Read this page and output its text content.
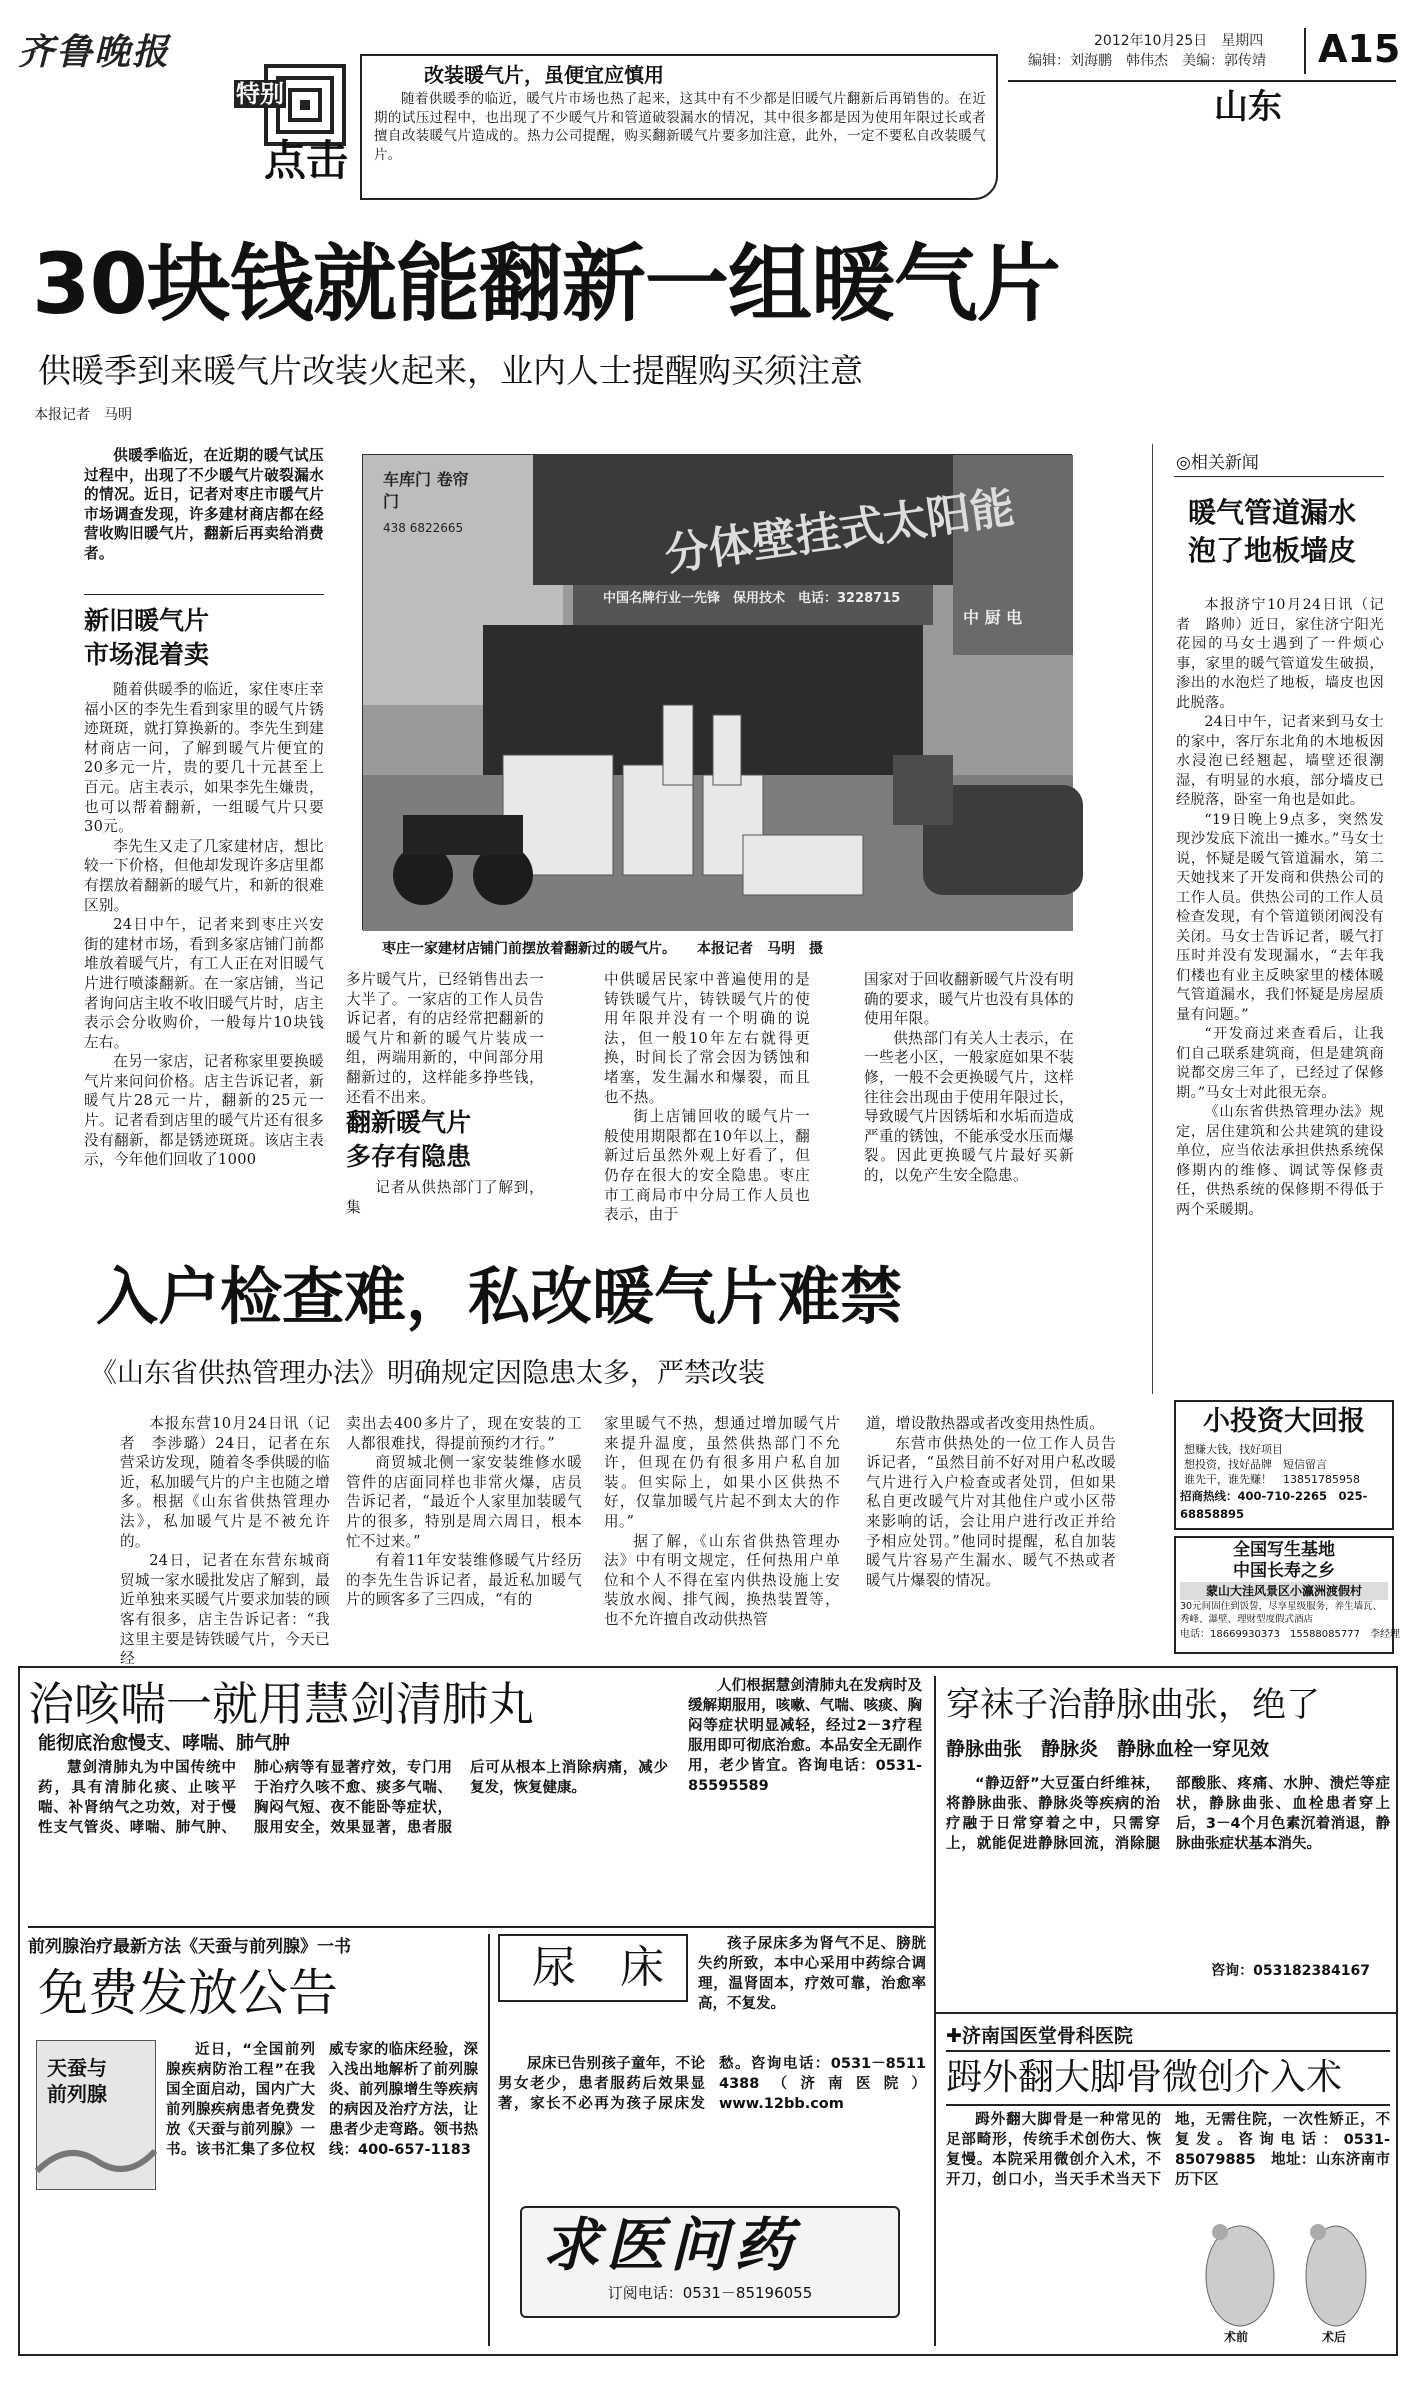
齐鲁晚报
特别
点击
改装暖气片，虽便宜应慎用
随着供暖季的临近，暖气片市场也热了起来，这其中有不少都是旧暖气片翻新后再销售的。在近期的试压过程中，也出现了不少暖气片和管道破裂漏水的情况，其中很多都是因为使用年限过长或者擅自改装暖气片造成的。热力公司提醒，购买翻新暖气片要多加注意，此外，一定不要私自改装暖气片。
2012年10月25日　星期四
编辑：刘海鹏　韩伟杰　美编：郭传靖 A15
山东
30块钱就能翻新一组暖气片
供暖季到来暖气片改装火起来，业内人士提醒购买须注意
本报记者　马明

供暖季临近，在近期的暖气试压过程中，出现了不少暖气片破裂漏水的情况。近日，记者对枣庄市暖气片市场调查发现，许多建材商店都在经营收购旧暖气片，翻新后再卖给消费者。

新旧暖气片
市场混着卖

随着供暖季的临近，家住枣庄幸福小区的李先生看到家里的暖气片锈迹斑斑，就打算换新的。李先生到建材商店一问，了解到暖气片便宜的20多元一片，贵的要几十元甚至上百元。店主表示，如果李先生嫌贵，也可以帮着翻新，一组暖气片只要30元。

李先生又走了几家建材店，想比较一下价格，但他却发现许多店里都有摆放着翻新的暖气片，和新的很难区别。

24日中午，记者来到枣庄兴安街的建材市场，看到多家店铺门前都堆放着暖气片，有工人正在对旧暖气片进行喷漆翻新。在一家店铺，当记者询问店主收不收旧暖气片时，店主表示会分收购价，一般每片10块钱左右。

在另一家店，记者称家里要换暖气片来问问价格。店主告诉记者，新暖气片28元一片，翻新的25元一片。记者看到店里的暖气片还有很多没有翻新，都是锈迹斑斑。该店主表示，今年他们回收了1000

分体壁挂式太阳能
中国名牌行业一先锋　保用技术　电话：3228715
车库门 卷帘门
438 6822665
中 厨 电
枣庄一家建材店铺门前摆放着翻新过的暖气片。　　本报记者　马明　摄

多片暖气片，已经销售出去一大半了。一家店的工作人员告诉记者，有的店经常把翻新的暖气片和新的暖气片装成一组，两端用新的，中间部分用翻新过的，这样能多挣些钱，还看不出来。

翻新暖气片
多存有隐患

记者从供热部门了解到，集

中供暖居民家中普遍使用的是铸铁暖气片，铸铁暖气片的使用年限并没有一个明确的说法，但一般10年左右就得更换，时间长了常会因为锈蚀和堵塞，发生漏水和爆裂，而且也不热。

街上店铺回收的暖气片一般使用期限都在10年以上，翻新过后虽然外观上好看了，但仍存在很大的安全隐患。枣庄市工商局市中分局工作人员也表示，由于

国家对于回收翻新暖气片没有明确的要求，暖气片也没有具体的使用年限。

供热部门有关人士表示，在一些老小区，一般家庭如果不装修，一般不会更换暖气片，这样往往会出现由于使用年限过长，导致暖气片因锈垢和水垢而造成严重的锈蚀，不能承受水压而爆裂。因此更换暖气片最好买新的，以免产生安全隐患。

◎相关新闻
暖气管道漏水
泡了地板墙皮

本报济宁10月24日讯（记者　路帅）近日，家住济宁阳光花园的马女士遇到了一件烦心事，家里的暖气管道发生破损，渗出的水泡烂了地板，墙皮也因此脱落。

24日中午，记者来到马女士的家中，客厅东北角的木地板因水浸泡已经翘起，墙壁还很潮湿，有明显的水痕，部分墙皮已经脱落，卧室一角也是如此。

“19日晚上9点多，突然发现沙发底下流出一摊水。”马女士说，怀疑是暖气管道漏水，第二天她找来了开发商和供热公司的工作人员。供热公司的工作人员检查发现，有个管道锁闭阀没有关闭。马女士告诉记者，暖气打压时并没有发现漏水，“去年我们楼也有业主反映家里的楼体暖气管道漏水，我们怀疑是房屋质量有问题。”

“开发商过来查看后，让我们自己联系建筑商，但是建筑商说都交房三年了，已经过了保修期。”马女士对此很无奈。

《山东省供热管理办法》规定，居住建筑和公共建筑的建设单位，应当依法承担供热系统保修期内的维修、调试等保修责任，供热系统的保修期不得低于两个采暖期。

入户检查难，私改暖气片难禁
《山东省供热管理办法》明确规定因隐患太多，严禁改装

本报东营10月24日讯（记者　李涉璐）24日，记者在东营采访发现，随着冬季供暖的临近，私加暖气片的户主也随之增多。根据《山东省供热管理办法》，私加暖气片是不被允许的。

24日，记者在东营东城商贸城一家水暖批发店了解到，最近单独来买暖气片要求加装的顾客有很多，店主告诉记者：“我这里主要是铸铁暖气片，今天已经

卖出去400多片了，现在安装的工人都很难找，得提前预约才行。”

商贸城北侧一家安装维修水暖管件的店面同样也非常火爆，店员告诉记者，“最近个人家里加装暖气片的很多，特别是周六周日，根本忙不过来。”

有着11年安装维修暖气片经历的李先生告诉记者，最近私加暖气片的顾客多了三四成，“有的

家里暖气不热，想通过增加暖气片来提升温度，虽然供热部门不允许，但现在仍有很多用户私自加装。但实际上，如果小区供热不好，仅靠加暖气片起不到太大的作用。”

据了解，《山东省供热管理办法》中有明文规定，任何热用户单位和个人不得在室内供热设施上安装放水阀、排气阀，换热装置等，也不允许擅自改动供热管

道，增设散热器或者改变用热性质。

东营市供热处的一位工作人员告诉记者，“虽然目前不好对用户私改暖气片进行入户检查或者处罚，但如果私自更改暖气片对其他住户或小区带来影响的话，会让用户进行改正并给予相应处罚。”他同时提醒，私自加装暖气片容易产生漏水、暖气不热或者暖气片爆裂的情况。

小投资大回报
想赚大钱，找好项目
想投资，找好品牌　短信留言
谁先干，谁先赚！　13851785958
招商热线：400-710-2265　025-68858895
全国写生基地
中国长寿之乡
蒙山大洼风景区小瀛洲渡假村
30元间固住到饭誓，尽享星级服务，养生墙瓦、秀峰、瀑壁、理财型度假式酒店
电话：18669930373　15588085777　李经理
治咳喘一就用慧剑清肺丸
能彻底治愈慢支、哮喘、肺气肿

慧剑清肺丸为中国传统中药，具有清肺化痰、止咳平喘、补肾纳气之功效，对于慢性支气管炎、哮喘、肺气肿、肺心病等有显著疗效，专门用于治疗久咳不愈、痰多气喘、胸闷气短、夜不能卧等症状，服用安全，效果显著，患者服后可从根本上消除病痛，减少复发，恢复健康。

人们根据慧剑清肺丸在发病时及缓解期服用，咳嗽、气喘、咳痰、胸闷等症状明显减轻，经过2－3疗程服用即可彻底治愈。本品安全无副作用，老少皆宜。咨询电话：0531-85595589

穿袜子治静脉曲张，绝了
静脉曲张　静脉炎　静脉血栓一穿见效

“静迈舒”大豆蛋白纤维袜，将静脉曲张、静脉炎等疾病的治疗融于日常穿着之中，只需穿上，就能促进静脉回流，消除腿部酸胀、疼痛、水肿、溃烂等症状，静脉曲张、血栓患者穿上后，3－4个月色素沉着消退，静脉曲张症状基本消失。

咨询：053182384167
前列腺治疗最新方法《天蚕与前列腺》一书
免费发放公告
天蚕与前列腺

近日，“全国前列腺疾病防治工程”在我国全面启动，国内广大前列腺疾病患者免费发放《天蚕与前列腺》一书。该书汇集了多位权威专家的临床经验，深入浅出地解析了前列腺炎、前列腺增生等疾病的病因及治疗方法，让患者少走弯路。领书热线：400-657-1183

尿　床	孩子尿床多为肾气不足、膀胱失约所致，本中心采用中药综合调理，温肾固本，疗效可靠，治愈率高，不复发。

尿床已告别孩子童年，不论男女老少，患者服药后效果显著，家长不必再为孩子尿床发愁。咨询电话：0531－8511 4388（济南医院）www.12bb.com

求医问药
订阅电话：0531－85196055
✚济南国医堂骨科医院
𧿹外翻大脚骨微创介入术

𧿹外翻大脚骨是一种常见的足部畸形，传统手术创伤大、恢复慢。本院采用微创介入术，不开刀，创口小，当天手术当天下地，无需住院，一次性矫正，不复发。咨询电话：0531-85079885　地址：山东济南市历下区

术前	术后
